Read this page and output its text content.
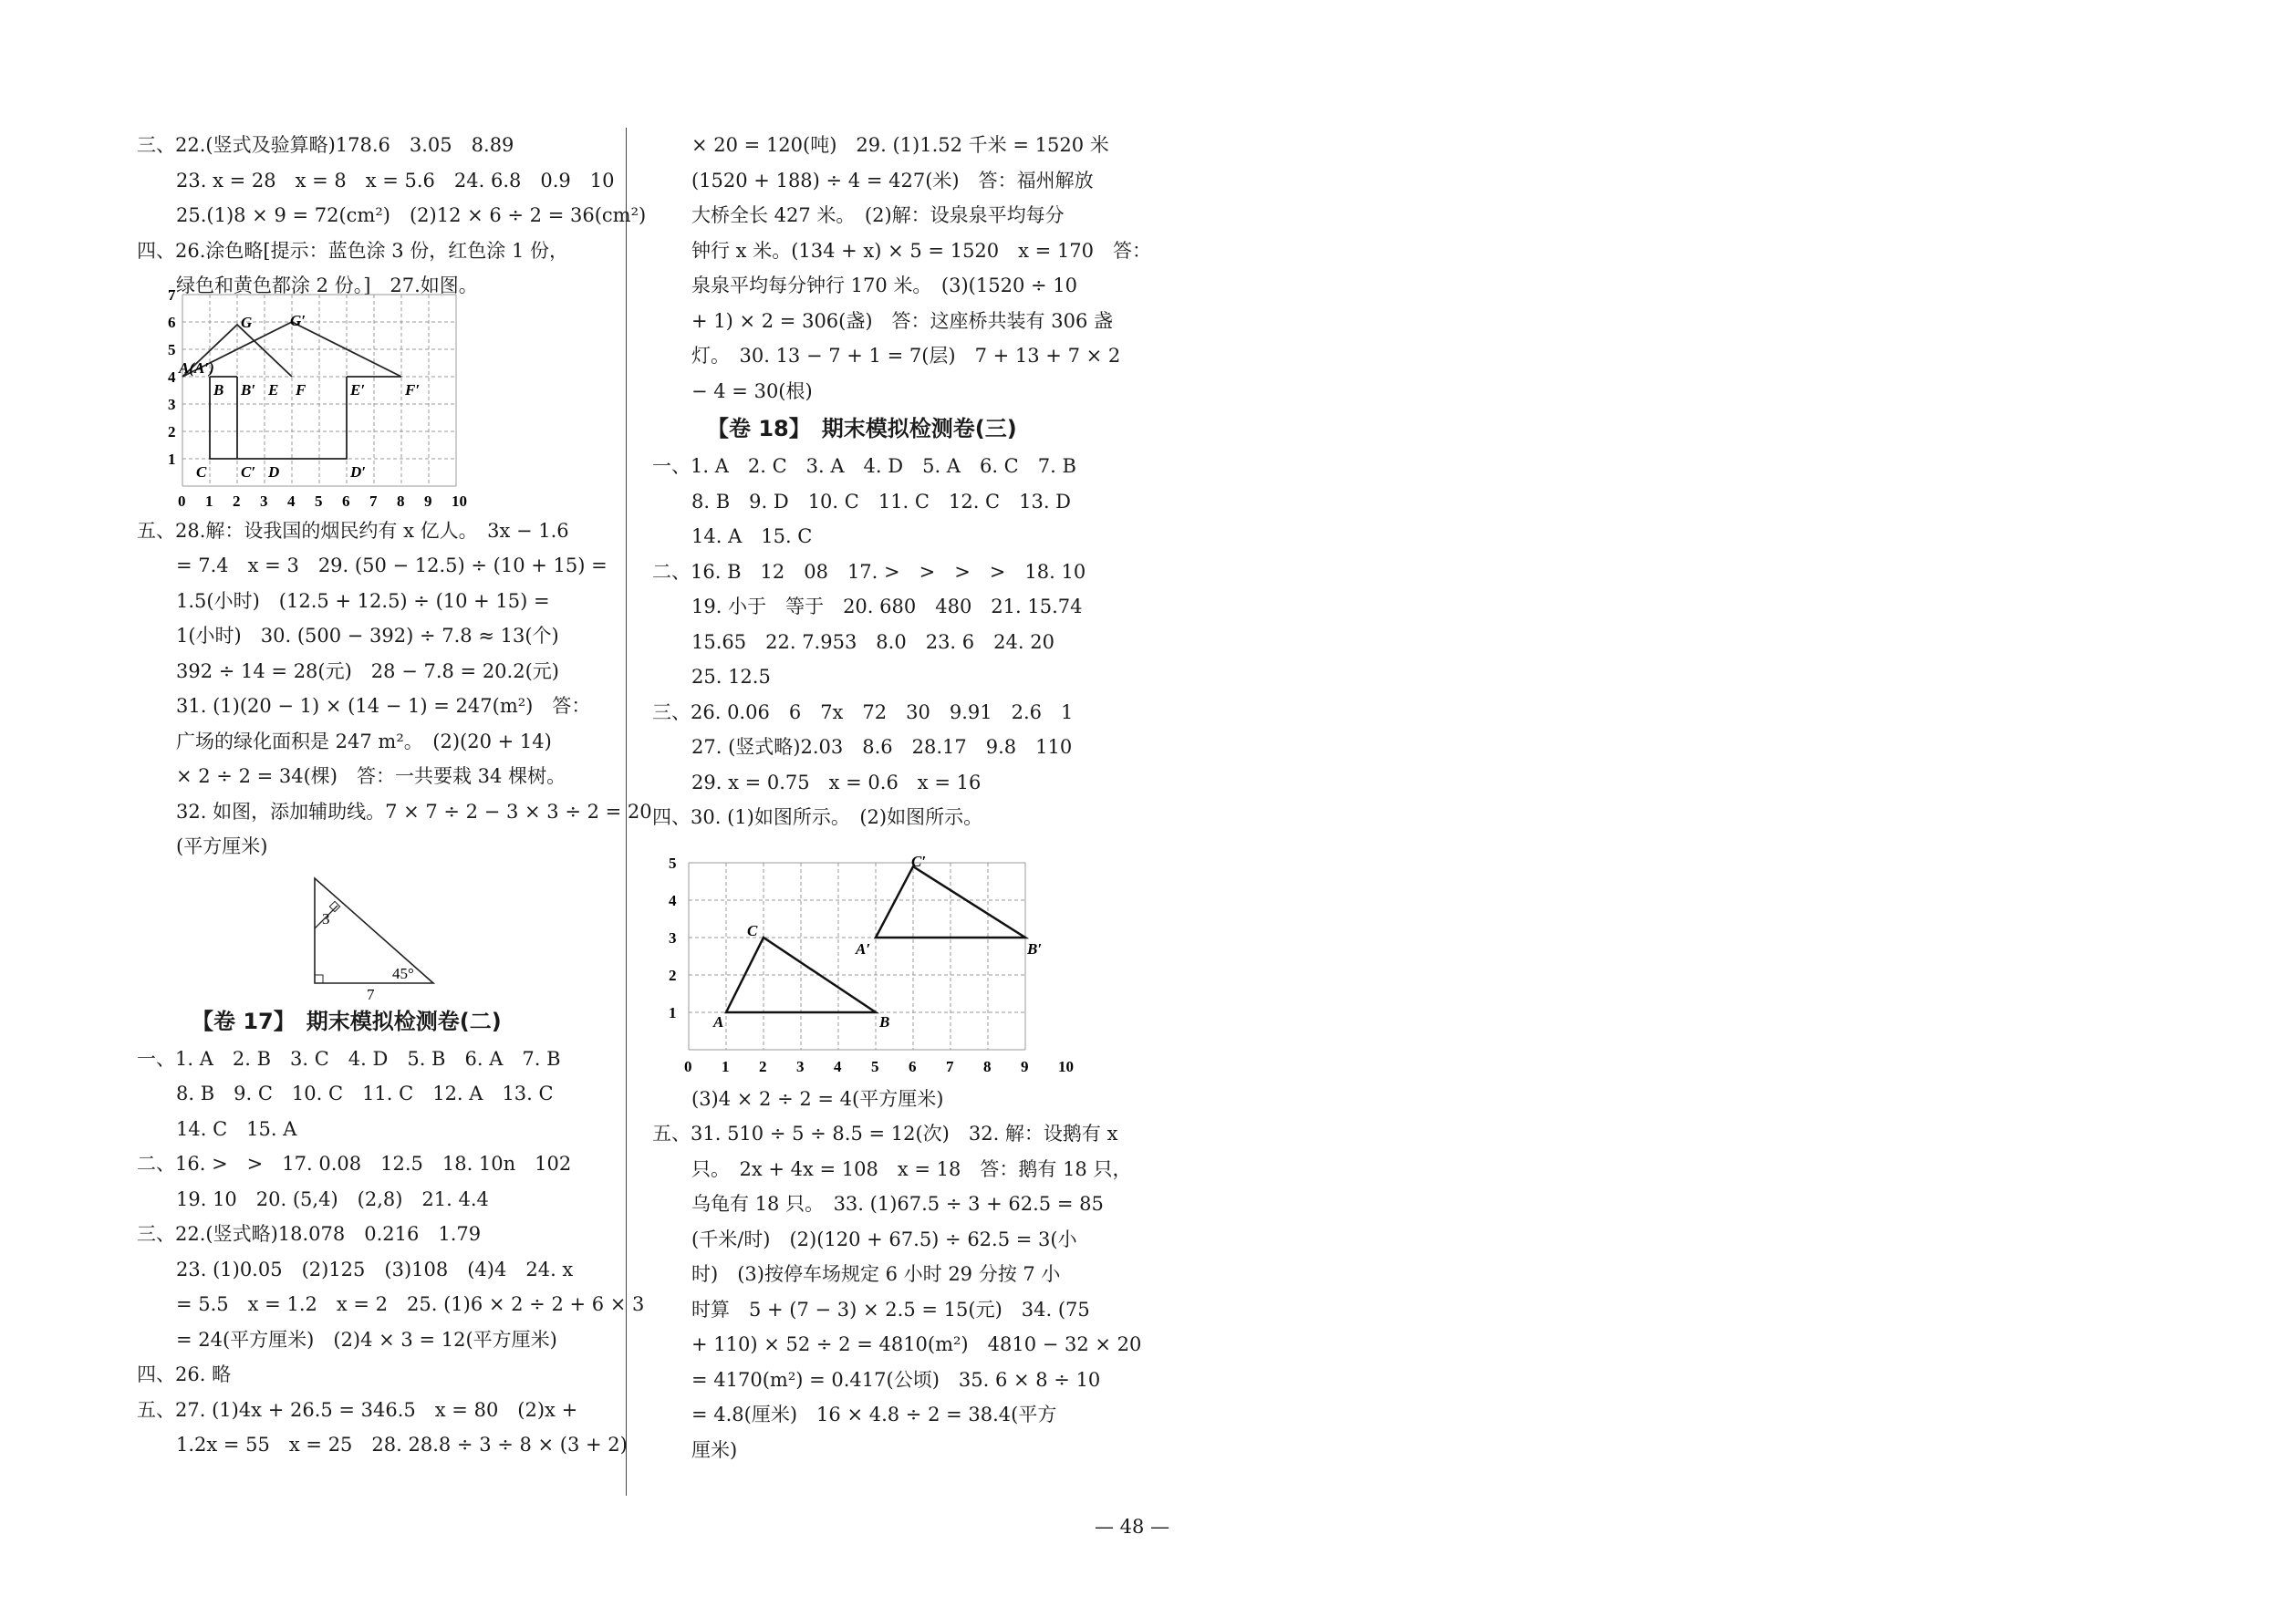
三、22.(竖式及验算略)178.6　3.05　8.89
23. x = 28　x = 8　x = 5.6　24. 6.8　0.9　10
25.(1)8 × 9 = 72(cm²)　(2)12 × 6 ÷ 2 = 36(cm²)
四、26.涂色略[提示：蓝色涂 3 份，红色涂 1 份，
绿色和黄色都涂 2 份。]　27.如图。
7
6
5
4
3
2
1
0 1 2 3 4 5 6 7 8 9 10
G G′
A(A′)
B B′ E F	E′	F′
C C′ D	D′
五、28.解：设我国的烟民约有 x 亿人。　3x − 1.6
= 7.4　x = 3　29. (50 − 12.5) ÷ (10 + 15) =
1.5(小时)　(12.5 + 12.5) ÷ (10 + 15) =
1(小时)　30. (500 − 392) ÷ 7.8 ≈ 13(个)
392 ÷ 14 = 28(元)　28 − 7.8 = 20.2(元)
31. (1)(20 − 1) × (14 − 1) = 247(m²)　答：
广场的绿化面积是 247 m²。　(2)(20 + 14)
× 2 ÷ 2 = 34(棵)　答：一共要栽 34 棵树。
32. 如图，添加辅助线。7 × 7 ÷ 2 − 3 × 3 ÷ 2 = 20
(平方厘米)
3
7
45°
【卷 17】　期末模拟检测卷(二)
一、1. A　2. B　3. C　4. D　5. B　6. A　7. B
8. B　9. C　10. C　11. C　12. A　13. C
14. C　15. A
二、16. >　>　17. 0.08　12.5　18. 10n　102
19. 10　20. (5,4)　(2,8)　21. 4.4
三、22.(竖式略)18.078　0.216　1.79
23. (1)0.05　(2)125　(3)108　(4)4　24. x
= 5.5　x = 1.2　x = 2　25. (1)6 × 2 ÷ 2 + 6 × 3
= 24(平方厘米)　(2)4 × 3 = 12(平方厘米)
四、26. 略
五、27. (1)4x + 26.5 = 346.5　x = 80　(2)x +
1.2x = 55　x = 25　28. 28.8 ÷ 3 ÷ 8 × (3 + 2)
× 20 = 120(吨)　29. (1)1.52 千米 = 1520 米
(1520 + 188) ÷ 4 = 427(米)　答：福州解放
大桥全长 427 米。　(2)解：设泉泉平均每分
钟行 x 米。(134 + x) × 5 = 1520　x = 170　答：
泉泉平均每分钟行 170 米。　(3)(1520 ÷ 10
+ 1) × 2 = 306(盏)　答：这座桥共装有 306 盏
灯。　30. 13 − 7 + 1 = 7(层)　7 + 13 + 7 × 2
− 4 = 30(根)
【卷 18】　期末模拟检测卷(三)
一、1. A　2. C　3. A　4. D　5. A　6. C　7. B
8. B　9. D　10. C　11. C　12. C　13. D
14. A　15. C
二、16. B　12　08　17. >　>　>　>　18. 10
19. 小于　等于　20. 680　480　21. 15.74
15.65　22. 7.953　8.0　23. 6　24. 20
25. 12.5
三、26. 0.06　6　7x　72　30　9.91　2.6　1
27. (竖式略)2.03　8.6　28.17　9.8　110
29. x = 0.75　x = 0.6　x = 16
四、30. (1)如图所示。　(2)如图所示。
5
4
3
2
1
0 1 2 3 4 5 6 7 8 9 10
A	B
C
A′	B′
C′
(3)4 × 2 ÷ 2 = 4(平方厘米)
五、31. 510 ÷ 5 ÷ 8.5 = 12(次)　32. 解：设鹅有 x
只。　2x + 4x = 108　x = 18　答：鹅有 18 只，
乌龟有 18 只。　33. (1)67.5 ÷ 3 + 62.5 = 85
(千米/时)　(2)(120 + 67.5) ÷ 62.5 = 3(小
时)　(3)按停车场规定 6 小时 29 分按 7 小
时算　5 + (7 − 3) × 2.5 = 15(元)　34. (75
+ 110) × 52 ÷ 2 = 4810(m²)　4810 − 32 × 20
= 4170(m²) = 0.417(公顷)　35. 6 × 8 ÷ 10
= 4.8(厘米)　16 × 4.8 ÷ 2 = 38.4(平方
厘米)
— 48 —
